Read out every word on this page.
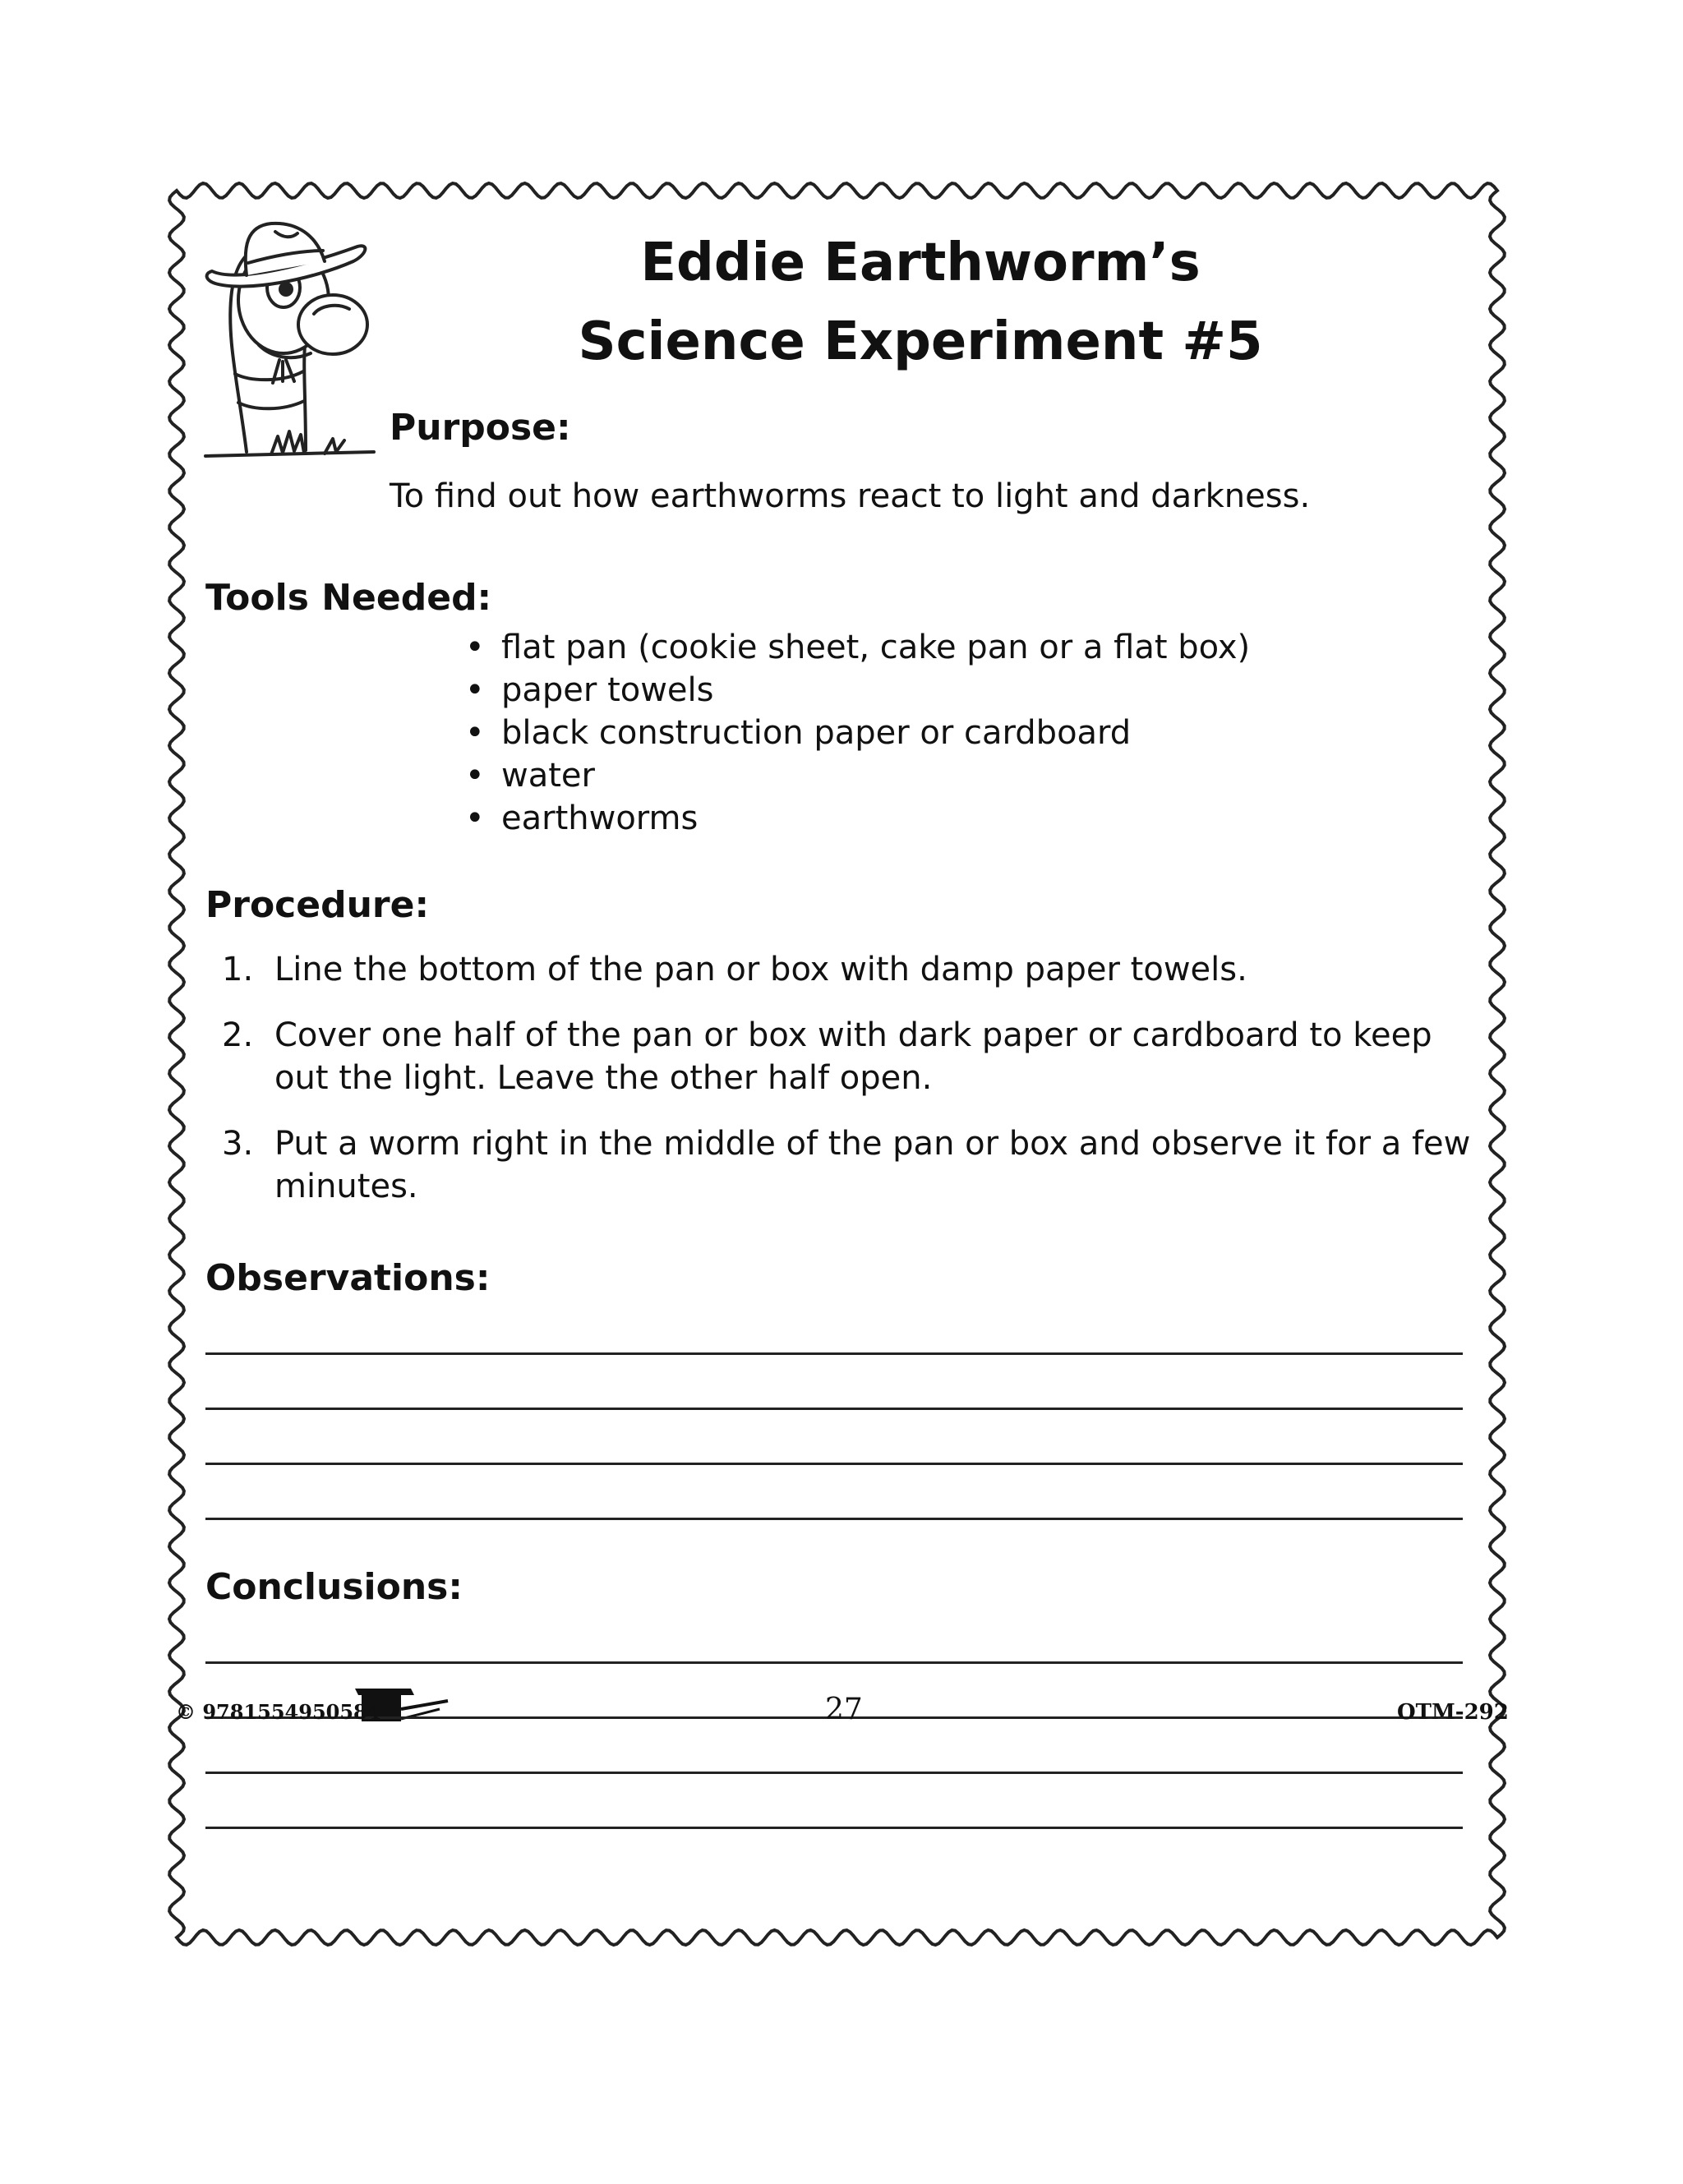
Eddie Earthworm’s
Science Experiment #5
Purpose:
To find out how earthworms react to light and darkness.
Tools Needed:
• flat pan (cookie sheet, cake pan or a flat box)
• paper towels
• black construction paper or cardboard
• water
• earthworms
Procedure:
1. Line the bottom of the pan or box with damp paper towels.
2. Cover one half of the pan or box with dark paper or cardboard to keep out the light. Leave the other half open.
3. Put a worm right in the middle of the pan or box and observe it for a few minutes.
Observations:
Conclusions:
© 9781554950584	27	OTM-292
